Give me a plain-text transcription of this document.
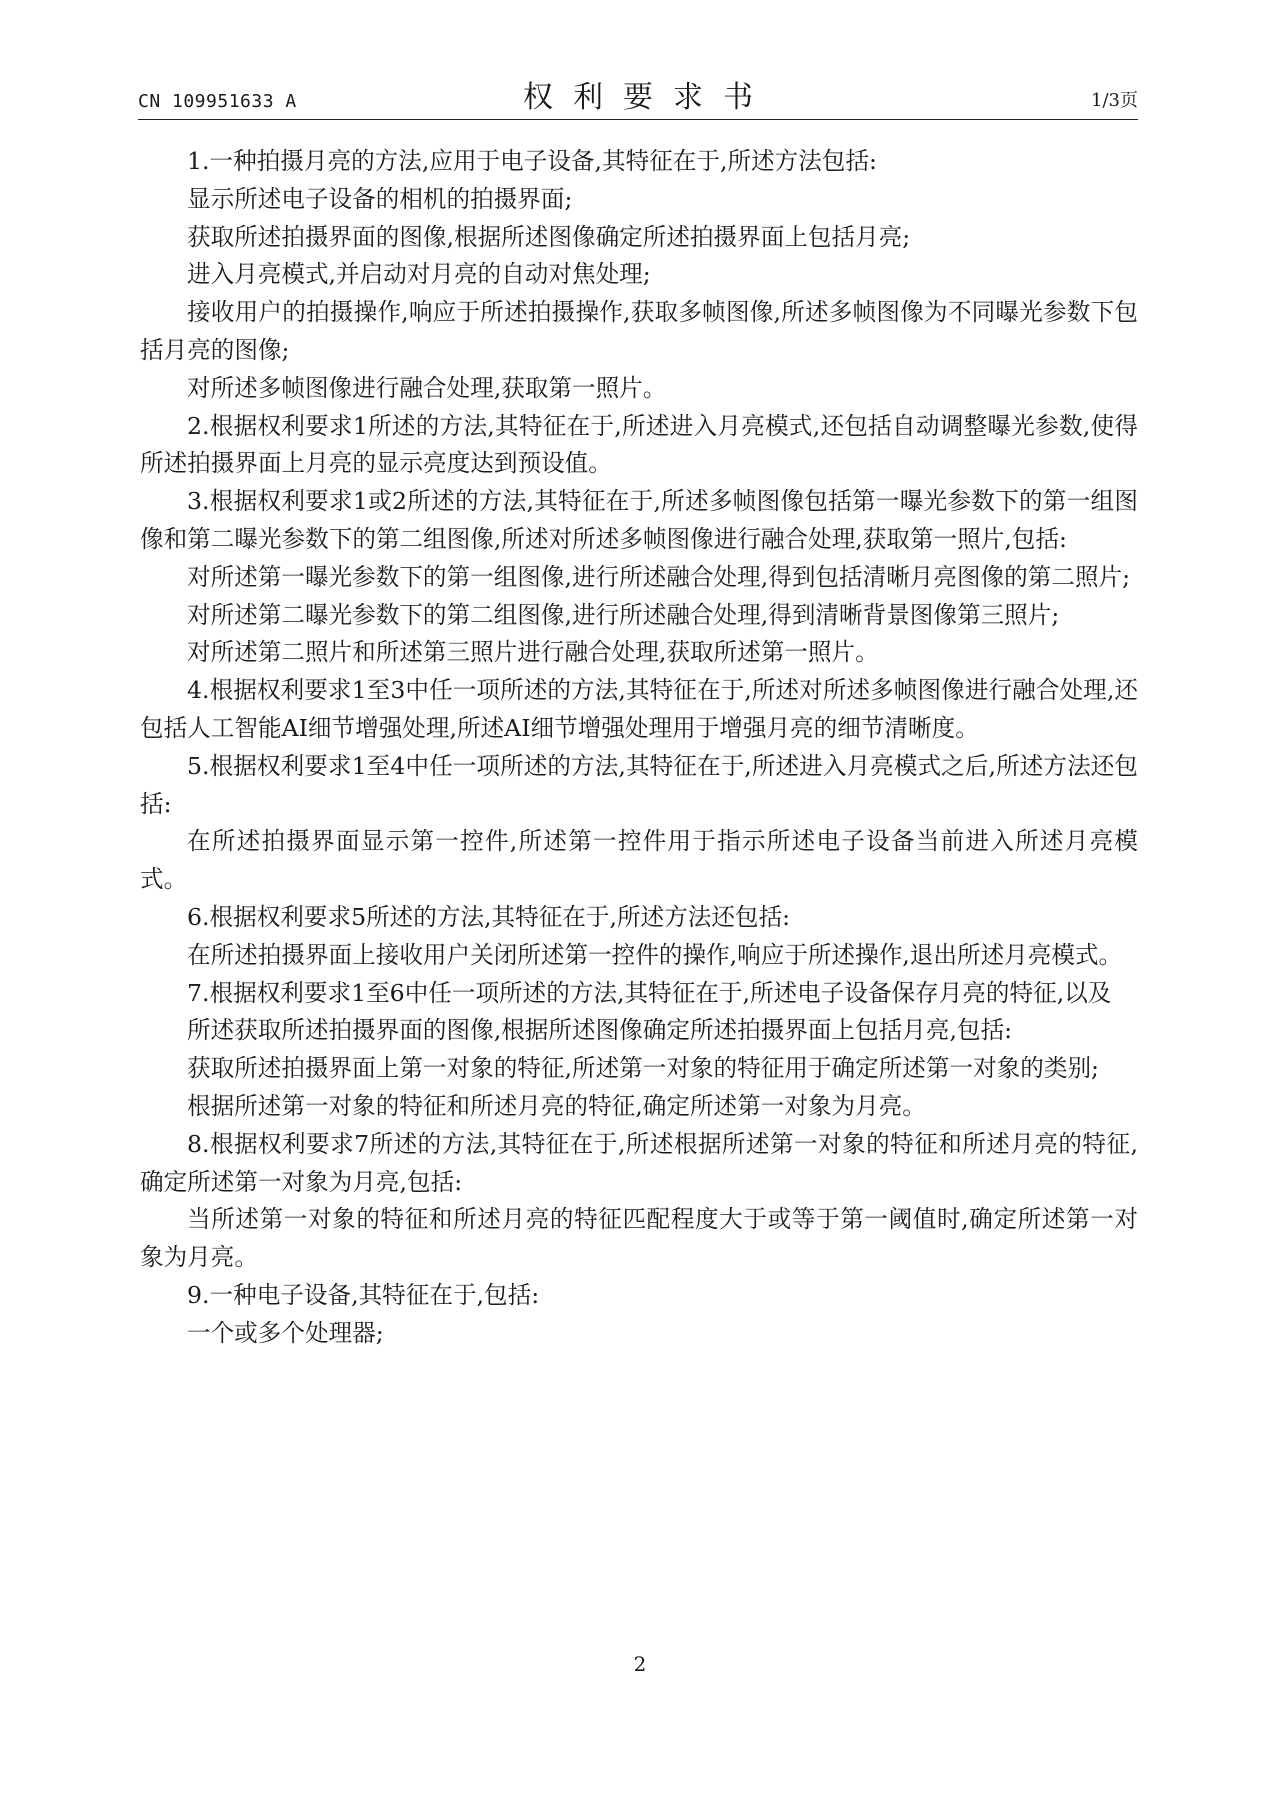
CN 109951633 A	权利要求书	1/3页

1.一种拍摄月亮的方法,应用于电子设备,其特征在于,所述方法包括:

显示所述电子设备的相机的拍摄界面;

获取所述拍摄界面的图像,根据所述图像确定所述拍摄界面上包括月亮;

进入月亮模式,并启动对月亮的自动对焦处理;

接收用户的拍摄操作,响应于所述拍摄操作,获取多帧图像,所述多帧图像为不同曝光参数下包括月亮的图像;

对所述多帧图像进行融合处理,获取第一照片。

2.根据权利要求1所述的方法,其特征在于,所述进入月亮模式,还包括自动调整曝光参数,使得所述拍摄界面上月亮的显示亮度达到预设值。

3.根据权利要求1或2所述的方法,其特征在于,所述多帧图像包括第一曝光参数下的第一组图像和第二曝光参数下的第二组图像,所述对所述多帧图像进行融合处理,获取第一照片,包括:

对所述第一曝光参数下的第一组图像,进行所述融合处理,得到包括清晰月亮图像的第二照片;

对所述第二曝光参数下的第二组图像,进行所述融合处理,得到清晰背景图像第三照片;

对所述第二照片和所述第三照片进行融合处理,获取所述第一照片。

4.根据权利要求1至3中任一项所述的方法,其特征在于,所述对所述多帧图像进行融合处理,还包括人工智能AI细节增强处理,所述AI细节增强处理用于增强月亮的细节清晰度。

5.根据权利要求1至4中任一项所述的方法,其特征在于,所述进入月亮模式之后,所述方法还包括:

在所述拍摄界面显示第一控件,所述第一控件用于指示所述电子设备当前进入所述月亮模式。

6.根据权利要求5所述的方法,其特征在于,所述方法还包括:

在所述拍摄界面上接收用户关闭所述第一控件的操作,响应于所述操作,退出所述月亮模式。

7.根据权利要求1至6中任一项所述的方法,其特征在于,所述电子设备保存月亮的特征,以及

所述获取所述拍摄界面的图像,根据所述图像确定所述拍摄界面上包括月亮,包括:

获取所述拍摄界面上第一对象的特征,所述第一对象的特征用于确定所述第一对象的类别;

根据所述第一对象的特征和所述月亮的特征,确定所述第一对象为月亮。

8.根据权利要求7所述的方法,其特征在于,所述根据所述第一对象的特征和所述月亮的特征,确定所述第一对象为月亮,包括:

当所述第一对象的特征和所述月亮的特征匹配程度大于或等于第一阈值时,确定所述第一对象为月亮。

9.一种电子设备,其特征在于,包括:

一个或多个处理器;

2
